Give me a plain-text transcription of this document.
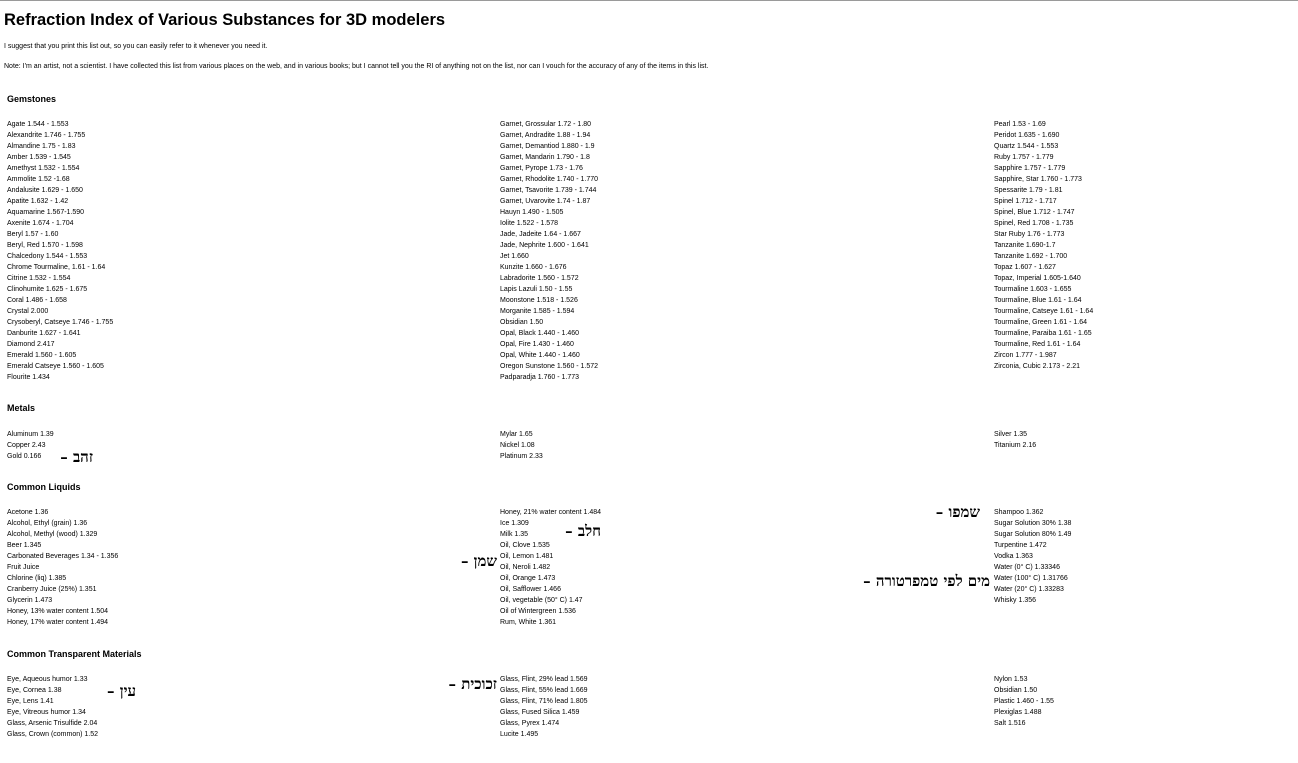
Refraction Index of Various Substances for 3D modelers

I suggest that you print this list out, so you can easily refer to it whenever you need it.

Note: I'm an artist, not a scientist. I have collected this list from various places on the web, and in various books; but I cannot tell you the RI of anything not on the list, nor can I vouch for the accuracy of any of the items in this list.

Gemstones
Agate 1.544 - 1.553
Alexandrite 1.746 - 1.755
Almandine 1.75 - 1.83
Amber 1.539 - 1.545
Amethyst 1.532 - 1.554
Ammolite 1.52 -1.68
Andalusite 1.629 - 1.650
Apatite 1.632 - 1.42
Aquamarine 1.567-1.590
Axenite 1.674 - 1.704
Beryl 1.57 - 1.60
Beryl, Red 1.570 - 1.598
Chalcedony 1.544 - 1.553
Chrome Tourmaline, 1.61 - 1.64
Citrine 1.532 - 1.554
Clinohumite 1.625 - 1.675
Coral 1.486 - 1.658
Crystal 2.000
Crysoberyl, Catseye 1.746 - 1.755
Danburite 1.627 - 1.641
Diamond 2.417
Emerald 1.560 - 1.605
Emerald Catseye 1.560 - 1.605
Flourite 1.434
Garnet, Grossular 1.72 - 1.80
Garnet, Andradite 1.88 - 1.94
Garnet, Demantiod 1.880 - 1.9
Garnet, Mandarin 1.790 - 1.8
Garnet, Pyrope 1.73 - 1.76
Garnet, Rhodolite 1.740 - 1.770
Garnet, Tsavorite 1.739 - 1.744
Garnet, Uvarovite 1.74 - 1.87
Hauyn 1.490 - 1.505
Iolite 1.522 - 1.578
Jade, Jadeite 1.64 - 1.667
Jade, Nephrite 1.600 - 1.641
Jet 1.660
Kunzite 1.660 - 1.676
Labradorite 1.560 - 1.572
Lapis Lazuli 1.50 - 1.55
Moonstone 1.518 - 1.526
Morganite 1.585 - 1.594
Obsidian 1.50
Opal, Black 1.440 - 1.460
Opal, Fire 1.430 - 1.460
Opal, White 1.440 - 1.460
Oregon Sunstone 1.560 - 1.572
Padparadja 1.760 - 1.773
Pearl 1.53 - 1.69
Peridot 1.635 - 1.690
Quartz 1.544 - 1.553
Ruby 1.757 - 1.779
Sapphire 1.757 - 1.779
Sapphire, Star 1.760 - 1.773
Spessarite 1.79 - 1.81
Spinel 1.712 - 1.717
Spinel, Blue 1.712 - 1.747
Spinel, Red 1.708 - 1.735
Star Ruby 1.76 - 1.773
Tanzanite 1.690-1.7
Tanzanite 1.692 - 1.700
Topaz 1.607 - 1.627
Topaz, Imperial 1.605-1.640
Tourmaline 1.603 - 1.655
Tourmaline, Blue 1.61 - 1.64
Tourmaline, Catseye 1.61 - 1.64
Tourmaline, Green 1.61 - 1.64
Tourmaline, Paraiba 1.61 - 1.65
Tourmaline, Red 1.61 - 1.64
Zircon 1.777 - 1.987
Zirconia, Cubic 2.173 - 2.21
Metals
Aluminum 1.39
Copper 2.43
Gold 0.166
Mylar 1.65
Nickel 1.08
Platinum 2.33
Silver 1.35
Titanium 2.16
Common Liquids
Acetone 1.36
Alcohol, Ethyl (grain) 1.36
Alcohol, Methyl (wood) 1.329
Beer 1.345
Carbonated Beverages 1.34 - 1.356
Fruit Juice
Chlorine (liq) 1.385
Cranberry Juice (25%) 1.351
Glycerin 1.473
Honey, 13% water content 1.504
Honey, 17% water content 1.494
Honey, 21% water content 1.484
Ice 1.309
Milk 1.35
Oil, Clove 1.535
Oil, Lemon 1.481
Oil, Neroli 1.482
Oil, Orange 1.473
Oil, Safflower 1.466
Oil, vegetable (50° C) 1.47
Oil of Wintergreen 1.536
Rum, White 1.361
Shampoo 1.362
Sugar Solution 30% 1.38
Sugar Solution 80% 1.49
Turpentine 1.472
Vodka 1.363
Water (0° C) 1.33346
Water (100° C) 1.31766
Water (20° C) 1.33283
Whisky 1.356
Common Transparent Materials
Eye, Aqueous humor 1.33
Eye, Cornea 1.38
Eye, Lens 1.41
Eye, Vitreous humor 1.34
Glass, Arsenic Trisulfide 2.04
Glass, Crown (common) 1.52
Glass, Flint, 29% lead 1.569
Glass, Flint, 55% lead 1.669
Glass, Flint, 71% lead 1.805
Glass, Fused Silica 1.459
Glass, Pyrex 1.474
Lucite 1.495
Nylon 1.53
Obsidian 1.50
Plastic 1.460 - 1.55
Plexiglas 1.488
Salt 1.516
זהב –
חלב –
שמן –
שמפו –
מים לפי טמפרטורה –
זכוכית –
עין –
